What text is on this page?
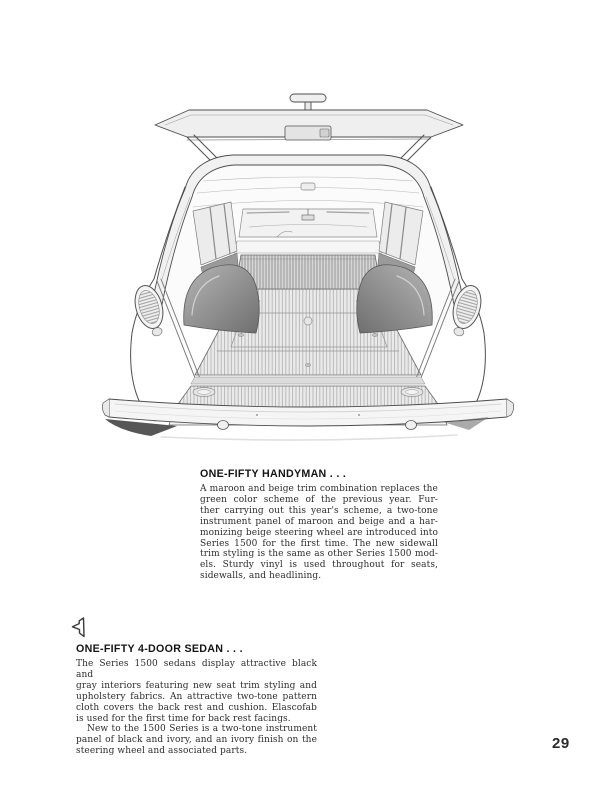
ONE-FIFTY HANDYMAN . . .
A maroon and beige trim combination replaces the
green color scheme of the previous year. Fur-
ther carrying out this year's scheme, a two-tone
instrument panel of maroon and beige and a har-
monizing beige steering wheel are introduced into
Series 1500 for the first time. The new sidewall
trim styling is the same as other Series 1500 mod-
els. Sturdy vinyl is used throughout for seats,
sidewalls, and headlining.
ONE-FIFTY 4-DOOR SEDAN . . .
The Series 1500 sedans display attractive black and
gray interiors featuring new seat trim styling and
upholstery fabrics. An attractive two-tone pattern
cloth covers the back rest and cushion. Elascofab
is used for the first time for back rest facings.
New to the 1500 Series is a two-tone instrument
panel of black and ivory, and an ivory finish on the
steering wheel and associated parts.	29
